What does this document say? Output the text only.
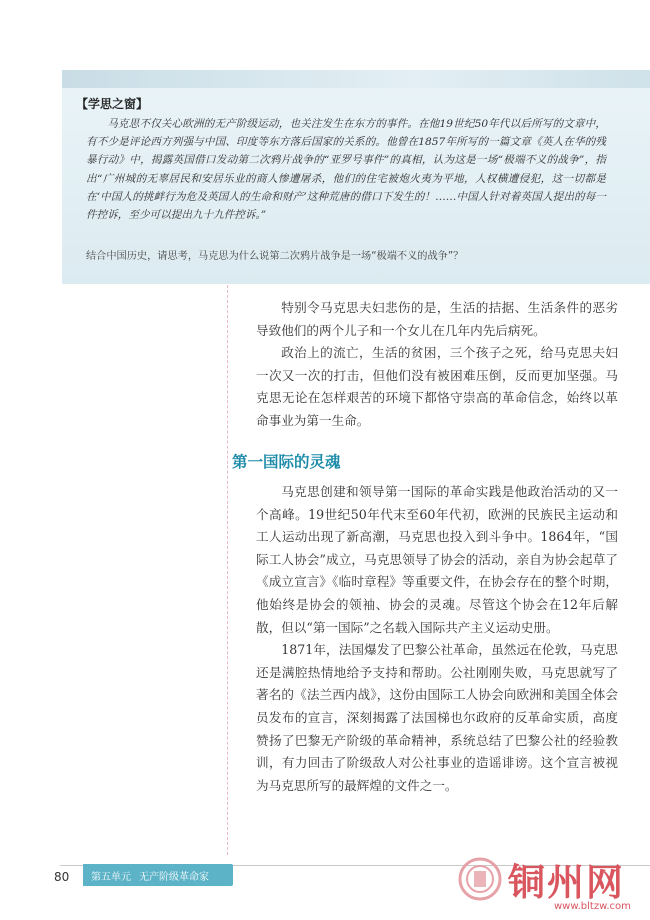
【学思之窗】

马克思不仅关心欧洲的无产阶级运动，也关注发生在东方的事件。在他19世纪50年代以后所写的文章中，有不少是评论西方列强与中国、印度等东方落后国家的关系的。他曾在1857年所写的一篇文章《英人在华的残暴行动》中，揭露英国借口发动第二次鸦片战争的“亚罗号事件”的真相，认为这是一场“极端不义的战争”，指出“广州城的无辜居民和安居乐业的商人惨遭屠杀，他们的住宅被炮火夷为平地，人权横遭侵犯，这一切都是在‘中国人的挑衅行为危及英国人的生命和财产’这种荒唐的借口下发生的！……中国人针对着英国人提出的每一件控诉，至少可以提出九十九件控诉。”

结合中国历史，请思考，马克思为什么说第二次鸦片战争是一场“极端不义的战争”？

特别令马克思夫妇悲伤的是，生活的拮据、生活条件的恶劣导致他们的两个儿子和一个女儿在几年内先后病死。

政治上的流亡，生活的贫困，三个孩子之死，给马克思夫妇一次又一次的打击，但他们没有被困难压倒，反而更加坚强。马克思无论在怎样艰苦的环境下都恪守崇高的革命信念，始终以革命事业为第一生命。

第一国际的灵魂

马克思创建和领导第一国际的革命实践是他政治活动的又一个高峰。19世纪50年代末至60年代初，欧洲的民族民主运动和工人运动出现了新高潮，马克思也投入到斗争中。1864年，“国际工人协会”成立，马克思领导了协会的活动，亲自为协会起草了《成立宣言》《临时章程》等重要文件，在协会存在的整个时期，他始终是协会的领袖、协会的灵魂。尽管这个协会在12年后解散，但以“第一国际”之名载入国际共产主义运动史册。

1871年，法国爆发了巴黎公社革命，虽然远在伦敦，马克思还是满腔热情地给予支持和帮助。公社刚刚失败，马克思就写了著名的《法兰西内战》，这份由国际工人协会向欧洲和美国全体会员发布的宣言，深刻揭露了法国梯也尔政府的反革命实质，高度赞扬了巴黎无产阶级的革命精神，系统总结了巴黎公社的经验教训，有力回击了阶级敌人对公社事业的造谣诽谤。这个宣言被视为马克思所写的最辉煌的文件之一。

80 第五单元 无产阶级革命家	铜州网
www.bltzw.com
